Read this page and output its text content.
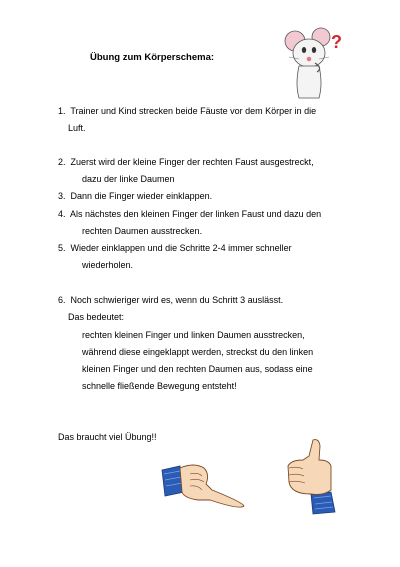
Übung zum Körperschema:
?
1. Trainer und Kind strecken beide Fäuste vor dem Körper in die
Luft.
2. Zuerst wird der kleine Finger der rechten Faust ausgestreckt,
dazu der linke Daumen
3. Dann die Finger wieder einklappen.
4. Als nächstes den kleinen Finger der linken Faust und dazu den
rechten Daumen ausstrecken.
5. Wieder einklappen und die Schritte 2-4 immer schneller
wiederholen.
6. Noch schwieriger wird es, wenn du Schritt 3 auslässt.
Das bedeutet:
rechten kleinen Finger und linken Daumen ausstrecken,
während diese eingeklappt werden, streckst du den linken
kleinen Finger und den rechten Daumen aus, sodass eine
schnelle fließende Bewegung entsteht!
Das braucht viel Übung!!
